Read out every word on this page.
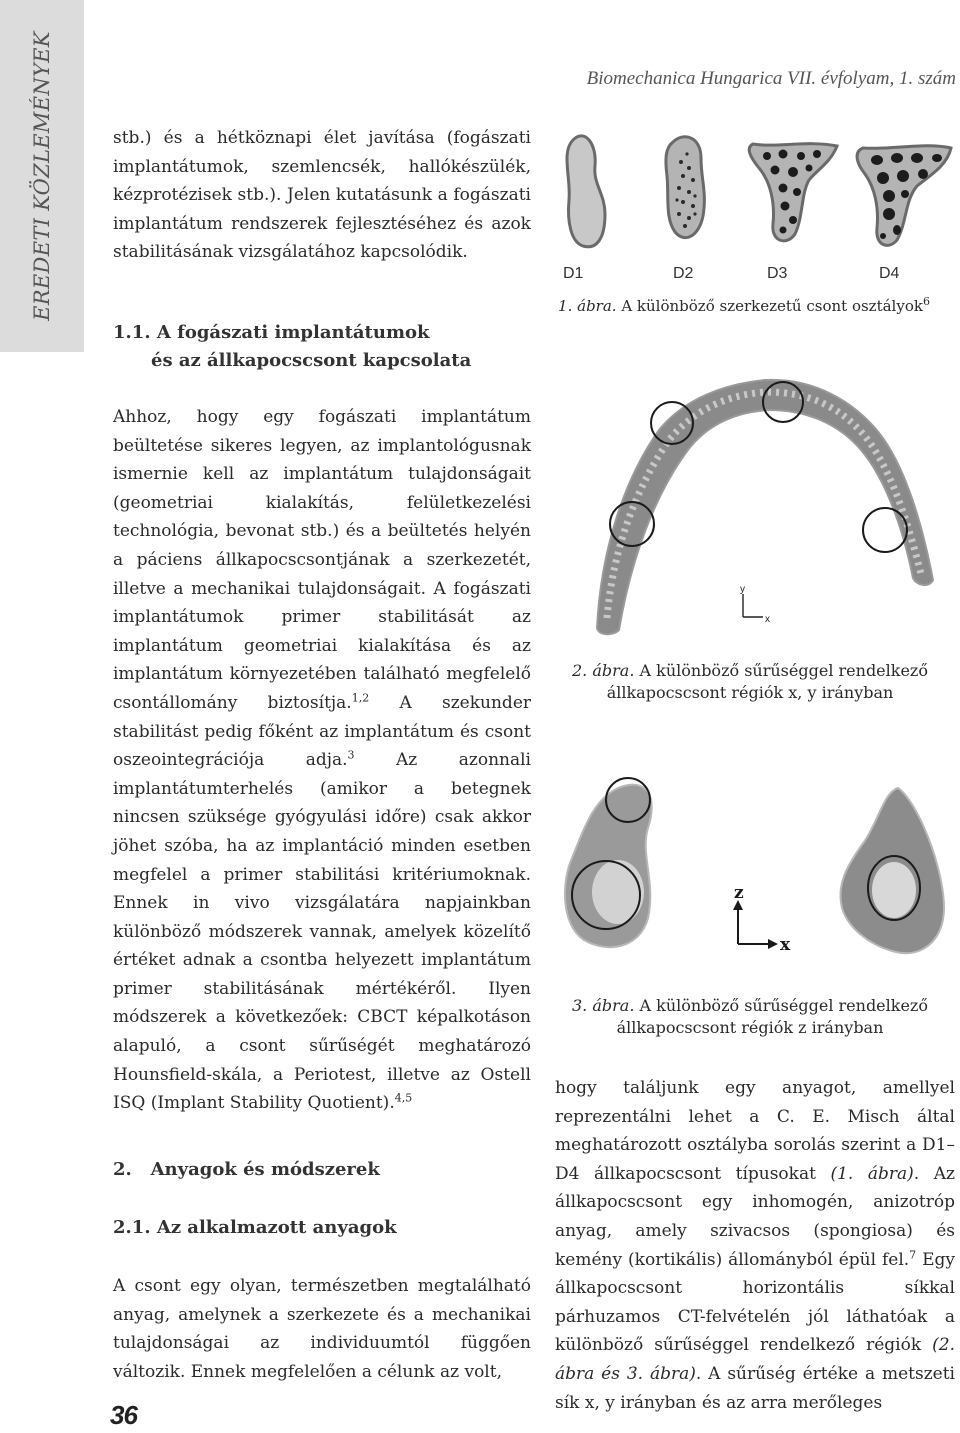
EREDETI KÖZLEMÉNYEK	Biomechanica Hungarica VII. évfolyam, 1. szám

stb.) és a hétköznapi élet javítása (fogászati implantátumok, szemlencsék, hallókészülék, kézprotézisek stb.). Jelen kutatásunk a fogászati implantátum rendszerek fejlesztéséhez és azok stabilitásának vizsgálatához kapcsolódik.

1.1. A fogászati implantátumok
és az állkapocscsont kapcsolata

Ahhoz, hogy egy fogászati implantátum beültetése sikeres legyen, az implantológusnak ismernie kell az implantátum tulajdonságait (geometriai kialakítás, felületkezelési technológia, bevonat stb.) és a beültetés helyén a páciens állkapocscsontjának a szerkezetét, illetve a mechanikai tulajdonságait. A fogászati implantátumok primer stabilitását az implantátum geometriai kialakítása és az implantátum környezetében található megfelelő csontállomány biztosítja.$^{1,2}$ A szekunder stabilitást pedig főként az implantátum és csont oszeointegrációja adja.$^3$ Az azonnali implantátumterhelés (amikor a betegnek nincsen szüksége gyógyulási időre) csak akkor jöhet szóba, ha az implantáció minden esetben megfelel a primer stabilitási kritériumoknak. Ennek in vivo vizsgálatára napjainkban különböző módszerek vannak, amelyek közelítő értéket adnak a csontba helyezett implantátum primer stabilitásának mértékéről. Ilyen módszerek a következőek: CBCT képalkotáson alapuló, a csont sűrűségét meghatározó Hounsfield-skála, a Periotest, illetve az Ostell ISQ (Implant Stability Quotient).$^{4,5}$

2.   Anyagok és módszerek

2.1. Az alkalmazott anyagok

A csont egy olyan, természetben megtalálható anyag, amelynek a szerkezete és a mechanikai tulajdonságai az individuumtól függően változik. Ennek megfelelően a célunk az volt,

D1	D2	D3	D4
1. ábra. A különböző szerkezetű csont osztályok$^6$
y
x
2. ábra. A különböző sűrűséggel rendelkező
állkapocscsont régiók x, y irányban
z
x
3. ábra. A különböző sűrűséggel rendelkező
állkapocscsont régiók z irányban

hogy találjunk egy anyagot, amellyel reprezentálni lehet a C. E. Misch által meghatározott osztályba sorolás szerint a D1–D4 állkapocscsont típusokat (1. ábra). Az állkapocscsont egy inhomogén, anizotróp anyag, amely szivacsos (spongiosa) és kemény (kortikális) állományból épül fel.$^7$ Egy állkapocscsont horizontális síkkal párhuzamos CT-felvételén jól láthatóak a különböző sűrűséggel rendelkező régiók (2. ábra és 3. ábra). A sűrűség értéke a metszeti sík x, y irányban és az arra merőleges

36
